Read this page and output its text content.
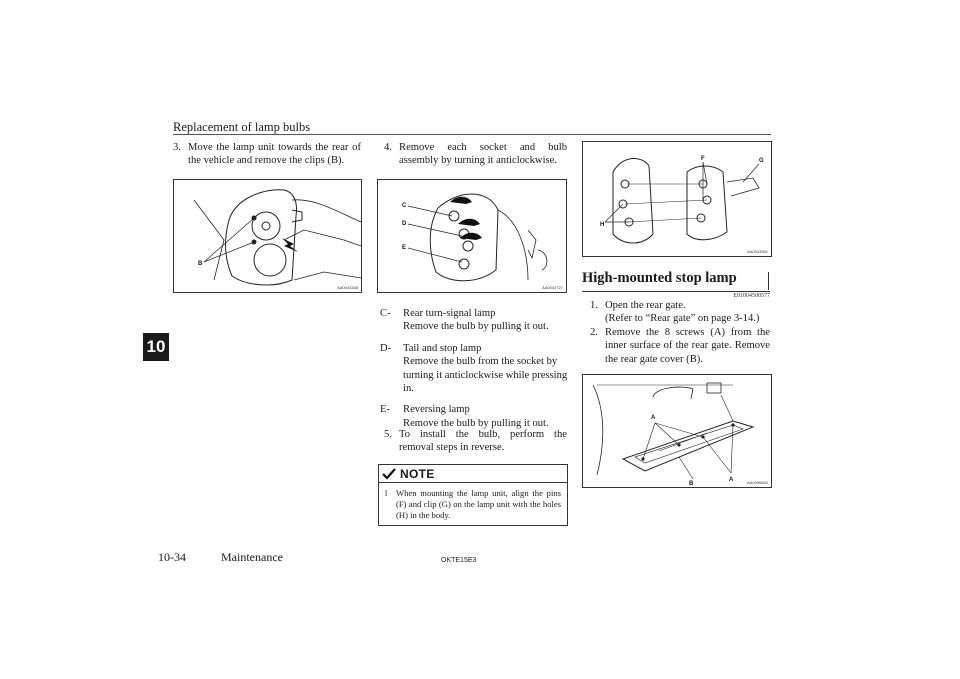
Replacement of lamp bulbs
10
3. Move the lamp unit towards the rear of the vehicle and remove the clips (B).
B
AA0043348
4. Remove each socket and bulb assembly by turning it anticlockwise.
C
D
E
AA0042727
C-	Rear turn-signal lamp
Remove the bulb by pulling it out.
D-	Tail and stop lamp
Remove the bulb from the socket by turning it anticlockwise while pressing in.
E-	Reversing lamp
Remove the bulb by pulling it out.
5. To install the bulb, perform the removal steps in reverse.
NOTE
l	When mounting the lamp unit, align the pins (F) and clip (G) on the lamp unit with the holes (H) in the body.
F	G
H
AA0043351
High-mounted stop lamp
E01004500577
1. Open the rear gate.
(Refer to “Rear gate” on page 3-14.)
2. Remove the 8 screws (A) from the inner surface of the rear gate. Remove the rear gate cover (B).
A
A
B	AA0096632
10-34	Maintenance	OKTE15E3
